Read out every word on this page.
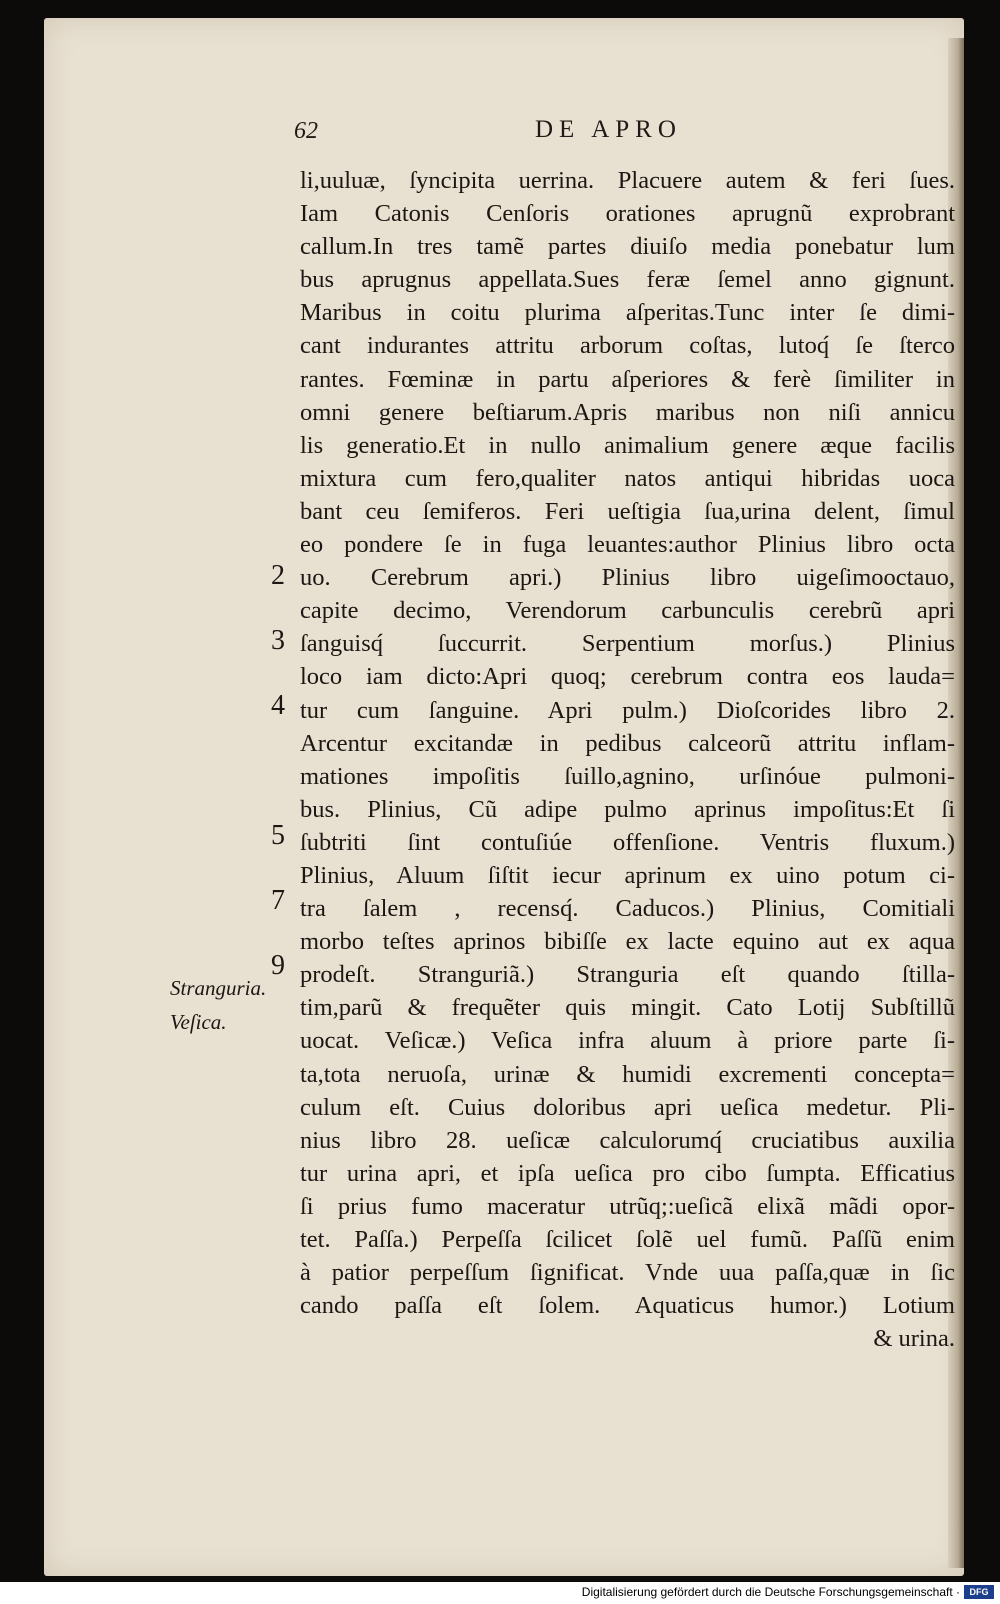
62	DE APRO
li,uuluæ, ſyncipita uerrina. Placuere autem & feri ſues.
Iam Catonis Cenſoris orationes aprugnũ exprobrant
callum.In tres tamẽ partes diuiſo media ponebatur lum
bus aprugnus appellata.Sues feræ ſemel anno gignunt.
Maribus in coitu plurima aſperitas.Tunc inter ſe dimi-
cant indurantes attritu arborum coſtas, lutoq́ ſe ſterco
rantes. Fœminæ in partu aſperiores & ferè ſimiliter in
omni genere beſtiarum.Apris maribus non niſi annicu
lis generatio.Et in nullo animalium genere æque facilis
mixtura cum fero,qualiter natos antiqui hibridas uoca
bant ceu ſemiferos. Feri ueſtigia ſua,urina delent, ſimul
eo pondere ſe in fuga leuantes:author Plinius libro octa
uo. Cerebrum apri.) Plinius libro uigeſimooctauo,
capite decimo, Verendorum carbunculis cerebrũ apri
ſanguisq́ ſuccurrit. Serpentium morſus.) Plinius
loco iam dicto:Apri quoq; cerebrum contra eos lauda=
tur cum ſanguine. Apri pulm.) Dioſcorides libro 2.
Arcentur excitandæ in pedibus calceorũ attritu inflam-
mationes impoſitis ſuillo,agnino, urſinóue pulmoni-
bus. Plinius, Cũ adipe pulmo aprinus impoſitus:Et ſi
ſubtriti ſint contuſiúe offenſione. Ventris fluxum.)
Plinius, Aluum ſiſtit iecur aprinum ex uino potum ci-
tra ſalem , recensq́. Caducos.) Plinius, Comitiali
morbo teſtes aprinos bibiſſe ex lacte equino aut ex aqua
prodeſt. Stranguriã.) Stranguria eſt quando ſtilla-
tim,parũ & frequẽter quis mingit. Cato Lotij Subſtillũ
uocat. Veſicæ.) Veſica infra aluum à priore parte ſi-
ta,tota neruoſa, urinæ & humidi excrementi concepta=
culum eſt. Cuius doloribus apri ueſica medetur. Pli-
nius libro 28. ueſicæ calculorumq́ cruciatibus auxilia
tur urina apri, et ipſa ueſica pro cibo ſumpta. Efficatius
ſi prius fumo maceratur utrũq;:ueſicã elixã mãdi opor-
tet. Paſſa.) Perpeſſa ſcilicet ſolẽ uel fumũ. Paſſũ enim
à patior perpeſſum ſignificat. Vnde uua paſſa,quæ in ſic
cando paſſa eſt ſolem. Aquaticus humor.) Lotium
& urina.
2
3
4
5
7
9
Stranguria.
Veſica.
Digitalisierung gefördert durch die Deutsche Forschungsgemeinschaft ·	DFG
